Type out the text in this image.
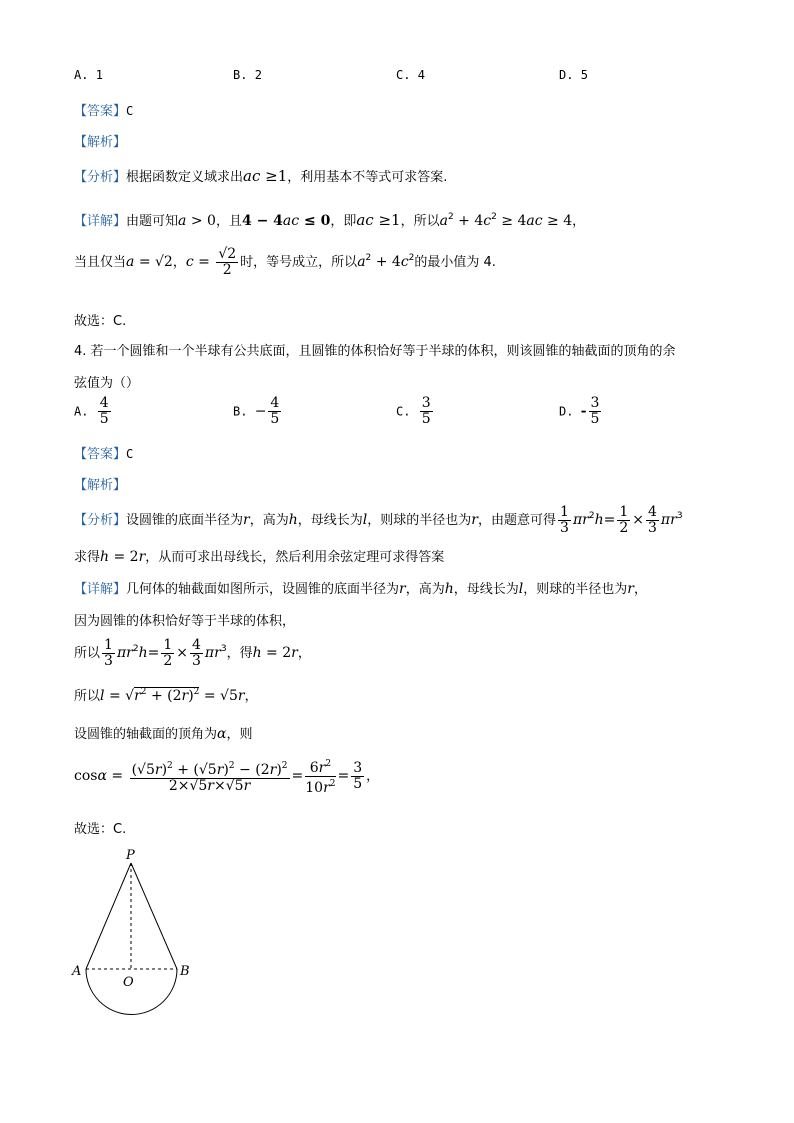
A. 1	B. 2	C. 4	D. 5
【答案】C
【解析】
【分析】根据函数定义域求出ac ≥1，利用基本不等式可求答案.
【详解】由题可知a > 0，且4 − 4ac ≤ 0，即ac ≥1，所以$a^2 + 4c^2 \ge 4ac \ge 4$，
当且仅当a = √2，$c = \frac{√2}{2}$ 时，等号成立，所以$a^2 + 4c^2$的最小值为 4.
故选：C.
4. 若一个圆锥和一个半球有公共底面，且圆锥的体积恰好等于半球的体积，则该圆锥的轴截面的顶角的余
弦值为（）
A. $\frac{4}{5}$	B. − $\frac{4}{5}$	C. $\frac{3}{5}$	D. - $\frac{3}{5}$
【答案】C
【解析】
【分析】设圆锥的底面半径为r，高为h，母线长为l，则球的半径也为r，由题意可得 $\frac{1}{3} \pi r^2h= \frac{1}{2} \times \frac{4}{3} \pi r^3$
求得h = 2r，从而可求出母线长，然后利用余弦定理可求得答案
【详解】几何体的轴截面如图所示，设圆锥的底面半径为r，高为h，母线长为l，则球的半径也为r，
因为圆锥的体积恰好等于半球的体积，
所以 $\frac{1}{3} \pi r^2h= \frac{1}{2} \times \frac{4}{3} \pi r^3$，得h = 2r，
所以$l = √r^2 + (2r)^2 = √5r$，
设圆锥的轴截面的顶角为α，则
$\cos\alpha = \frac{(√5r)^2 + (√5r)^2 - (2r)^2}{2\times√5r\times√5r} = \frac{6r^2}{10r^2} = \frac{3}{5}$ ，
故选：C.
P
A	B
O
